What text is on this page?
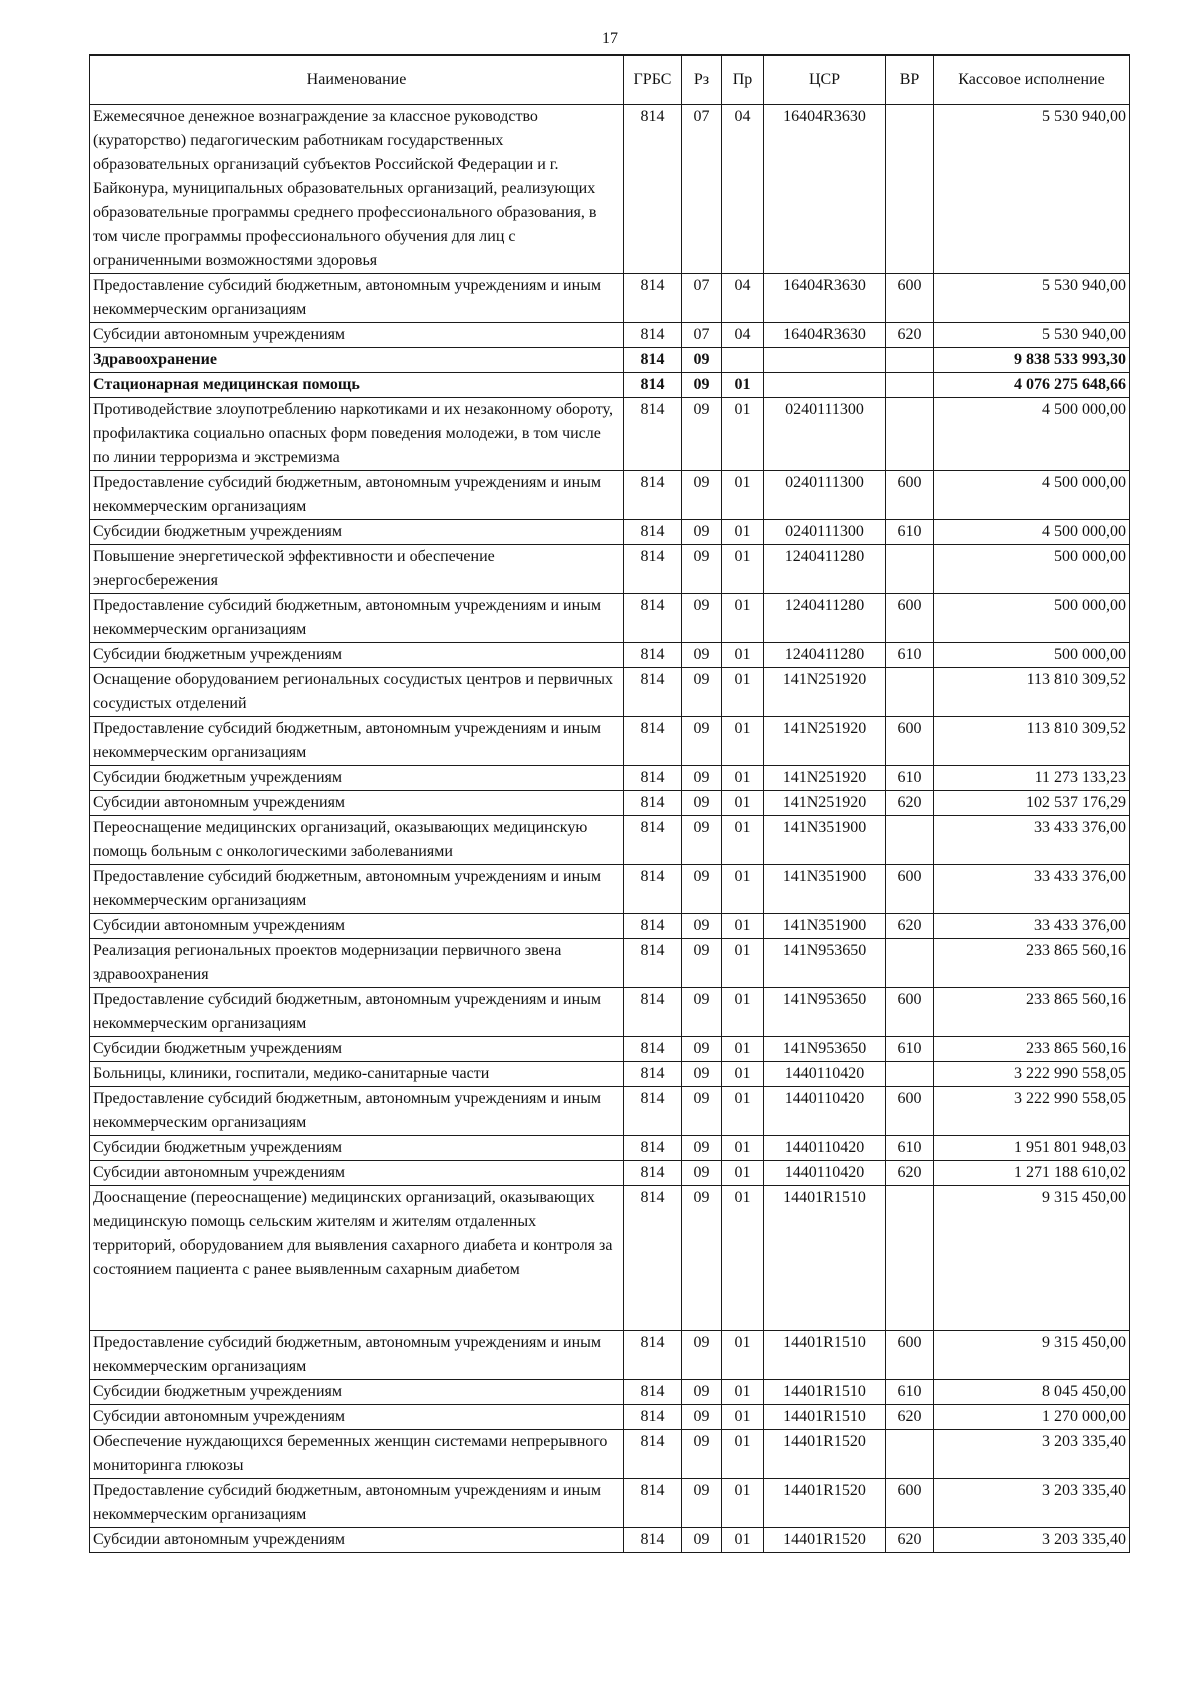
17
Наименование	ГРБС	Рз	Пр	ЦСР	ВР	Кассовое исполнение
Ежемесячное денежное вознаграждение за классное руководство (кураторство) педагогическим работникам государственных образовательных организаций субъектов Российской Федерации и г. Байконура, муниципальных образовательных организаций, реализующих образовательные программы среднего профессионального образования, в том числе программы профессионального обучения для лиц с ограниченными возможностями здоровья	814	07	04	16404R3630		5 530 940,00
Предоставление субсидий бюджетным, автономным учреждениям и иным некоммерческим организациям	814	07	04	16404R3630	600	5 530 940,00
Субсидии автономным учреждениям	814	07	04	16404R3630	620	5 530 940,00
Здравоохранение	814	09				9 838 533 993,30
Стационарная медицинская помощь	814	09	01			4 076 275 648,66
Противодействие злоупотреблению наркотиками и их незаконному обороту, профилактика социально опасных форм поведения молодежи, в том числе по линии терроризма и экстремизма	814	09	01	0240111300		4 500 000,00
Предоставление субсидий бюджетным, автономным учреждениям и иным некоммерческим организациям	814	09	01	0240111300	600	4 500 000,00
Субсидии бюджетным учреждениям	814	09	01	0240111300	610	4 500 000,00
Повышение энергетической эффективности и обеспечение энергосбережения	814	09	01	1240411280		500 000,00
Предоставление субсидий бюджетным, автономным учреждениям и иным некоммерческим организациям	814	09	01	1240411280	600	500 000,00
Субсидии бюджетным учреждениям	814	09	01	1240411280	610	500 000,00
Оснащение оборудованием региональных сосудистых центров и первичных сосудистых отделений	814	09	01	141N251920		113 810 309,52
Предоставление субсидий бюджетным, автономным учреждениям и иным некоммерческим организациям	814	09	01	141N251920	600	113 810 309,52
Субсидии бюджетным учреждениям	814	09	01	141N251920	610	11 273 133,23
Субсидии автономным учреждениям	814	09	01	141N251920	620	102 537 176,29
Переоснащение медицинских организаций, оказывающих медицинскую помощь больным с онкологическими заболеваниями	814	09	01	141N351900		33 433 376,00
Предоставление субсидий бюджетным, автономным учреждениям и иным некоммерческим организациям	814	09	01	141N351900	600	33 433 376,00
Субсидии автономным учреждениям	814	09	01	141N351900	620	33 433 376,00
Реализация региональных проектов модернизации первичного звена здравоохранения	814	09	01	141N953650		233 865 560,16
Предоставление субсидий бюджетным, автономным учреждениям и иным некоммерческим организациям	814	09	01	141N953650	600	233 865 560,16
Субсидии бюджетным учреждениям	814	09	01	141N953650	610	233 865 560,16
Больницы, клиники, госпитали, медико-санитарные части	814	09	01	1440110420		3 222 990 558,05
Предоставление субсидий бюджетным, автономным учреждениям и иным некоммерческим организациям	814	09	01	1440110420	600	3 222 990 558,05
Субсидии бюджетным учреждениям	814	09	01	1440110420	610	1 951 801 948,03
Субсидии автономным учреждениям	814	09	01	1440110420	620	1 271 188 610,02
Дооснащение (переоснащение) медицинских организаций, оказывающих медицинскую помощь сельским жителям и жителям отдаленных территорий, оборудованием для выявления сахарного диабета и контроля за состоянием пациента с ранее выявленным сахарным диабетом	814	09	01	14401R1510		9 315 450,00
Предоставление субсидий бюджетным, автономным учреждениям и иным некоммерческим организациям	814	09	01	14401R1510	600	9 315 450,00
Субсидии бюджетным учреждениям	814	09	01	14401R1510	610	8 045 450,00
Субсидии автономным учреждениям	814	09	01	14401R1510	620	1 270 000,00
Обеспечение нуждающихся беременных женщин системами непрерывного мониторинга глюкозы	814	09	01	14401R1520		3 203 335,40
Предоставление субсидий бюджетным, автономным учреждениям и иным некоммерческим организациям	814	09	01	14401R1520	600	3 203 335,40
Субсидии автономным учреждениям	814	09	01	14401R1520	620	3 203 335,40
